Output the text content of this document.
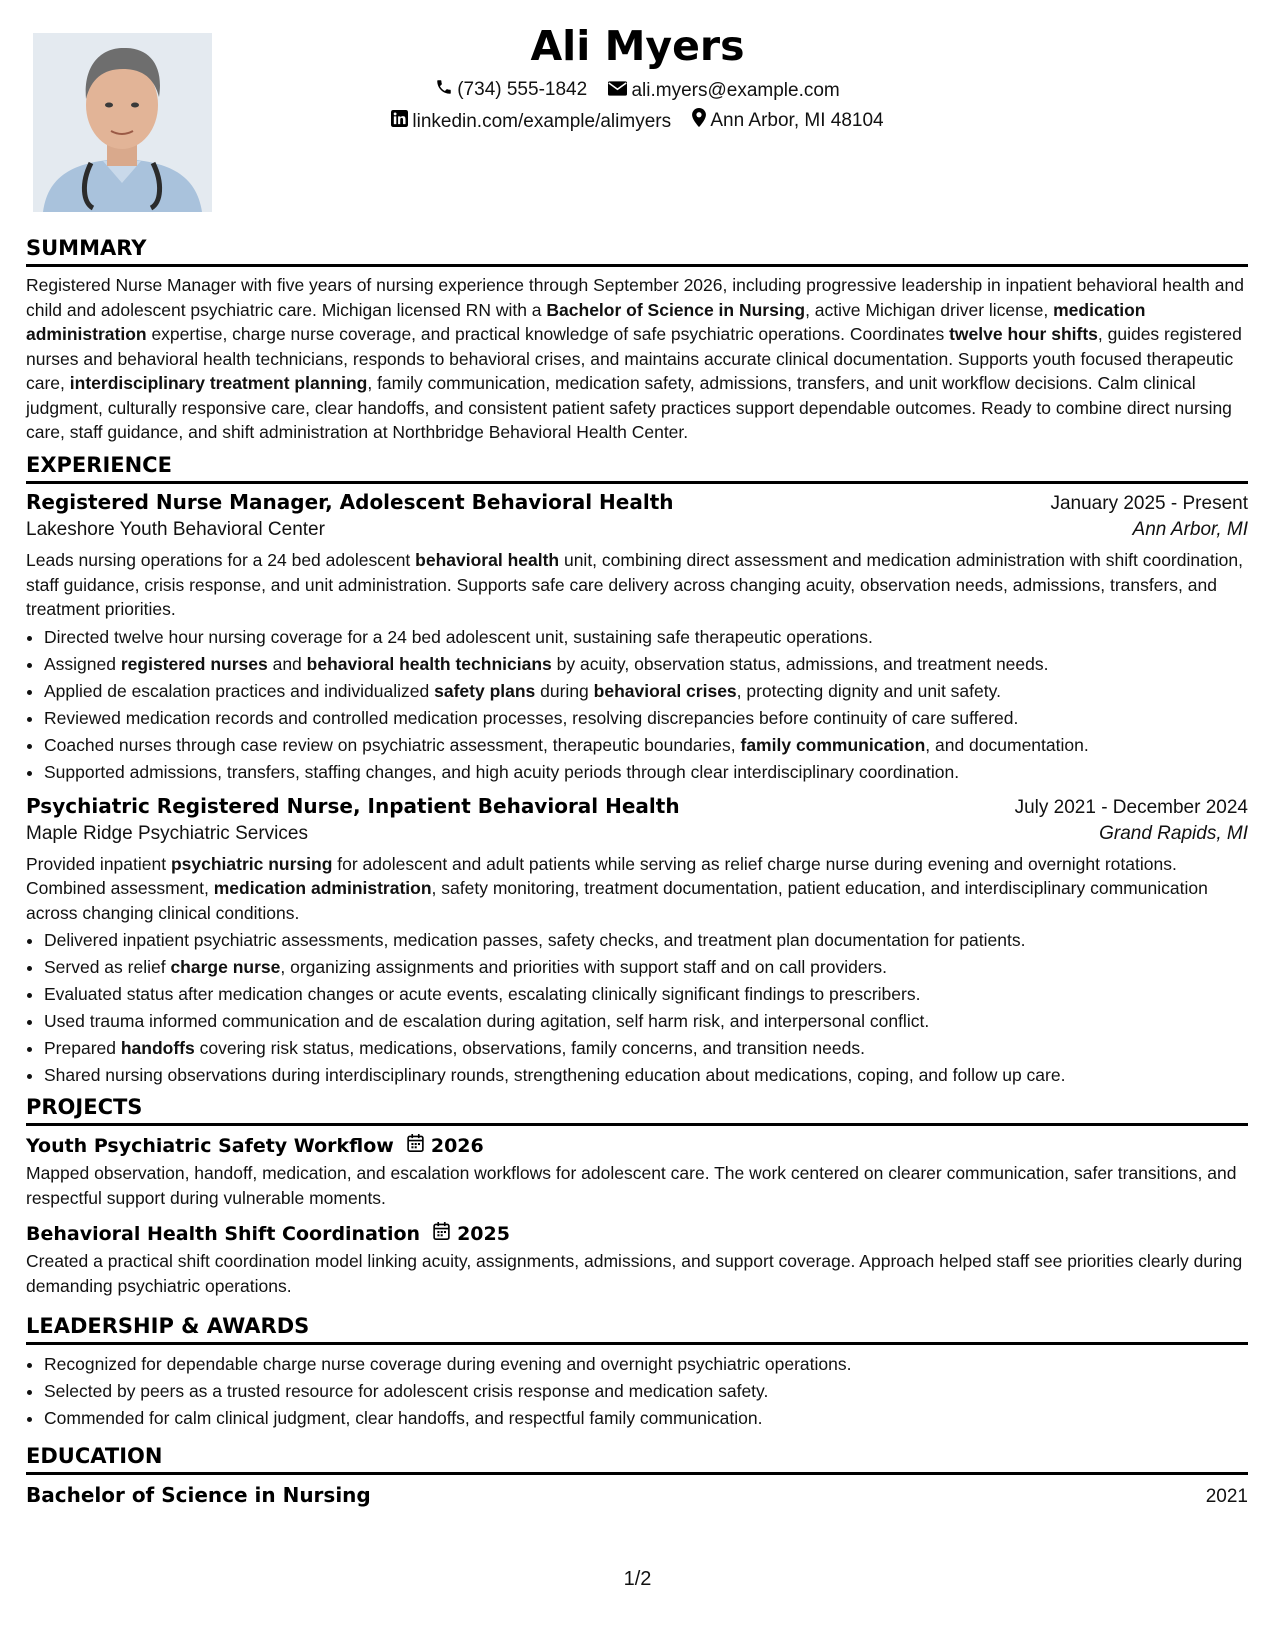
Ali Myers
(734) 555-1842
ali.myers@example.com
linkedin.com/example/alimyers
Ann Arbor, MI 48104
SUMMARY

Registered Nurse Manager with five years of nursing experience through September 2026, including progressive leadership in inpatient behavioral health and child and adolescent psychiatric care. Michigan licensed RN with a Bachelor of Science in Nursing, active Michigan driver license, medication administration expertise, charge nurse coverage, and practical knowledge of safe psychiatric operations. Coordinates twelve hour shifts, guides registered nurses and behavioral health technicians, responds to behavioral crises, and maintains accurate clinical documentation. Supports youth focused therapeutic care, interdisciplinary treatment planning, family communication, medication safety, admissions, transfers, and unit workflow decisions. Calm clinical judgment, culturally responsive care, clear handoffs, and consistent patient safety practices support dependable outcomes. Ready to combine direct nursing care, staff guidance, and shift administration at Northbridge Behavioral Health Center.

EXPERIENCE
Registered Nurse Manager, Adolescent Behavioral Health	January 2025 - Present
Lakeshore Youth Behavioral Center	Ann Arbor, MI

Leads nursing operations for a 24 bed adolescent behavioral health unit, combining direct assessment and medication administration with shift coordination, staff guidance, crisis response, and unit administration. Supports safe care delivery across changing acuity, observation needs, admissions, transfers, and treatment priorities.

• Directed twelve hour nursing coverage for a 24 bed adolescent unit, sustaining safe therapeutic operations.
• Assigned registered nurses and behavioral health technicians by acuity, observation status, admissions, and treatment needs.
• Applied de escalation practices and individualized safety plans during behavioral crises, protecting dignity and unit safety.
• Reviewed medication records and controlled medication processes, resolving discrepancies before continuity of care suffered.
• Coached nurses through case review on psychiatric assessment, therapeutic boundaries, family communication, and documentation.
• Supported admissions, transfers, staffing changes, and high acuity periods through clear interdisciplinary coordination.
Psychiatric Registered Nurse, Inpatient Behavioral Health	July 2021 - December 2024
Maple Ridge Psychiatric Services	Grand Rapids, MI

Provided inpatient psychiatric nursing for adolescent and adult patients while serving as relief charge nurse during evening and overnight rotations. Combined assessment, medication administration, safety monitoring, treatment documentation, patient education, and interdisciplinary communication across changing clinical conditions.

• Delivered inpatient psychiatric assessments, medication passes, safety checks, and treatment plan documentation for patients.
• Served as relief charge nurse, organizing assignments and priorities with support staff and on call providers.
• Evaluated status after medication changes or acute events, escalating clinically significant findings to prescribers.
• Used trauma informed communication and de escalation during agitation, self harm risk, and interpersonal conflict.
• Prepared handoffs covering risk status, medications, observations, family concerns, and transition needs.
• Shared nursing observations during interdisciplinary rounds, strengthening education about medications, coping, and follow up care.
PROJECTS
Youth Psychiatric Safety Workflow 2026

Mapped observation, handoff, medication, and escalation workflows for adolescent care. The work centered on clearer communication, safer transitions, and respectful support during vulnerable moments.

Behavioral Health Shift Coordination 2025

Created a practical shift coordination model linking acuity, assignments, admissions, and support coverage. Approach helped staff see priorities clearly during demanding psychiatric operations.

LEADERSHIP & AWARDS
• Recognized for dependable charge nurse coverage during evening and overnight psychiatric operations.
• Selected by peers as a trusted resource for adolescent crisis response and medication safety.
• Commended for calm clinical judgment, clear handoffs, and respectful family communication.
EDUCATION
Bachelor of Science in Nursing	2021
1/2
